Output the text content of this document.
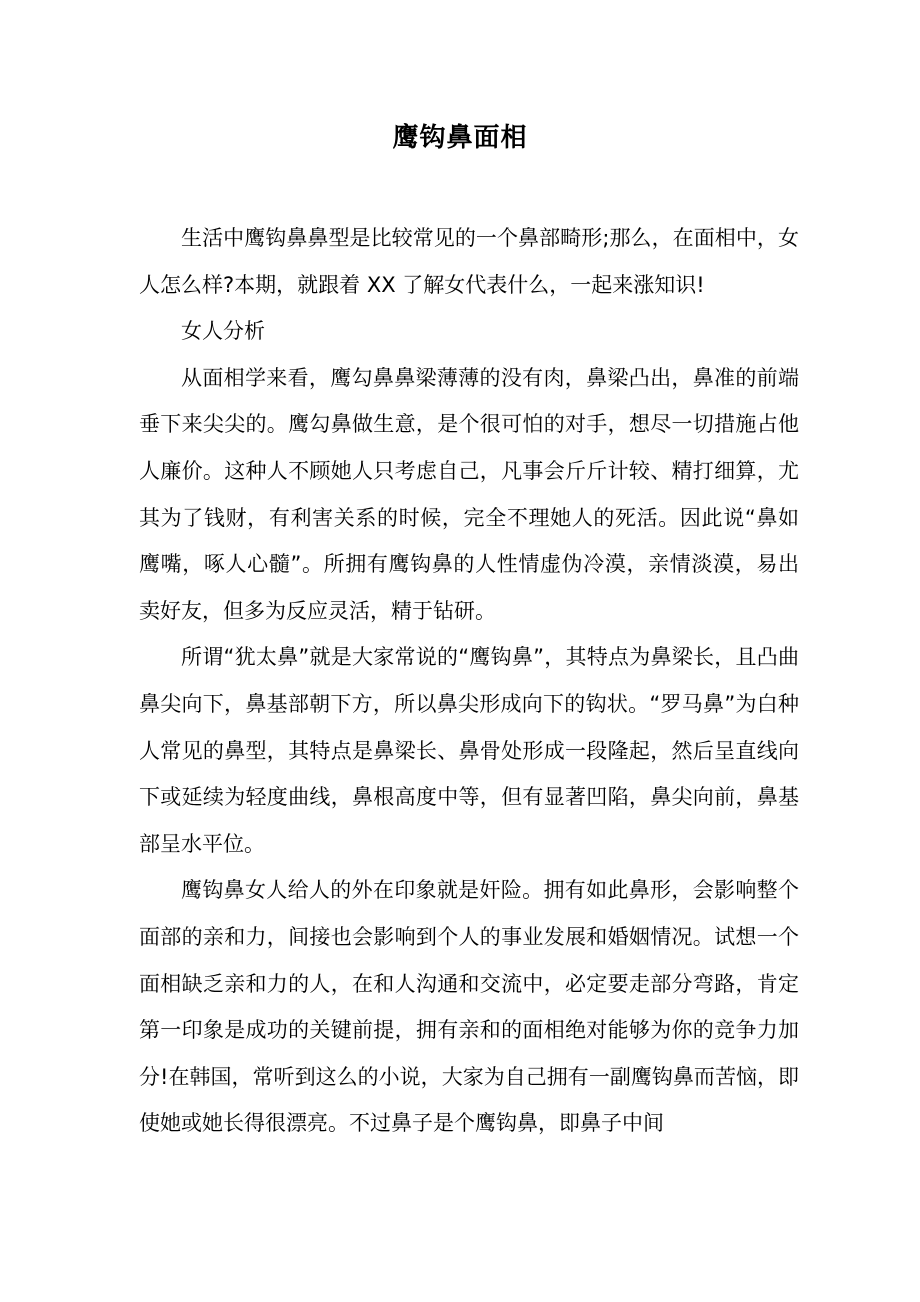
鹰钩鼻面相

生活中鹰钩鼻鼻型是比较常见的一个鼻部畸形;那么，在面相中，女人怎么样?本期，就跟着 XX 了解女代表什么，一起来涨知识!

女人分析

从面相学来看，鹰勾鼻鼻梁薄薄的没有肉，鼻梁凸出，鼻准的前端垂下来尖尖的。鹰勾鼻做生意，是个很可怕的对手，想尽一切措施占他人廉价。这种人不顾她人只考虑自己，凡事会斤斤计较、精打细算，尤其为了钱财，有利害关系的时候，完全不理她人的死活。因此说“鼻如鹰嘴，啄人心髓”。所拥有鹰钩鼻的人性情虚伪冷漠，亲情淡漠，易出卖好友，但多为反应灵活，精于钻研。

所谓“犹太鼻”就是大家常说的“鹰钩鼻”，其特点为鼻梁长，且凸曲鼻尖向下，鼻基部朝下方，所以鼻尖形成向下的钩状。“罗马鼻”为白种人常见的鼻型，其特点是鼻梁长、鼻骨处形成一段隆起，然后呈直线向下或延续为轻度曲线，鼻根高度中等，但有显著凹陷，鼻尖向前，鼻基部呈水平位。

鹰钩鼻女人给人的外在印象就是奸险。拥有如此鼻形，会影响整个面部的亲和力，间接也会影响到个人的事业发展和婚姻情况。试想一个面相缺乏亲和力的人，在和人沟通和交流中，必定要走部分弯路，肯定第一印象是成功的关键前提，拥有亲和的面相绝对能够为你的竞争力加分!在韩国，常听到这么的小说，大家为自己拥有一副鹰钩鼻而苦恼，即使她或她长得很漂亮。不过鼻子是个鹰钩鼻，即鼻子中间
